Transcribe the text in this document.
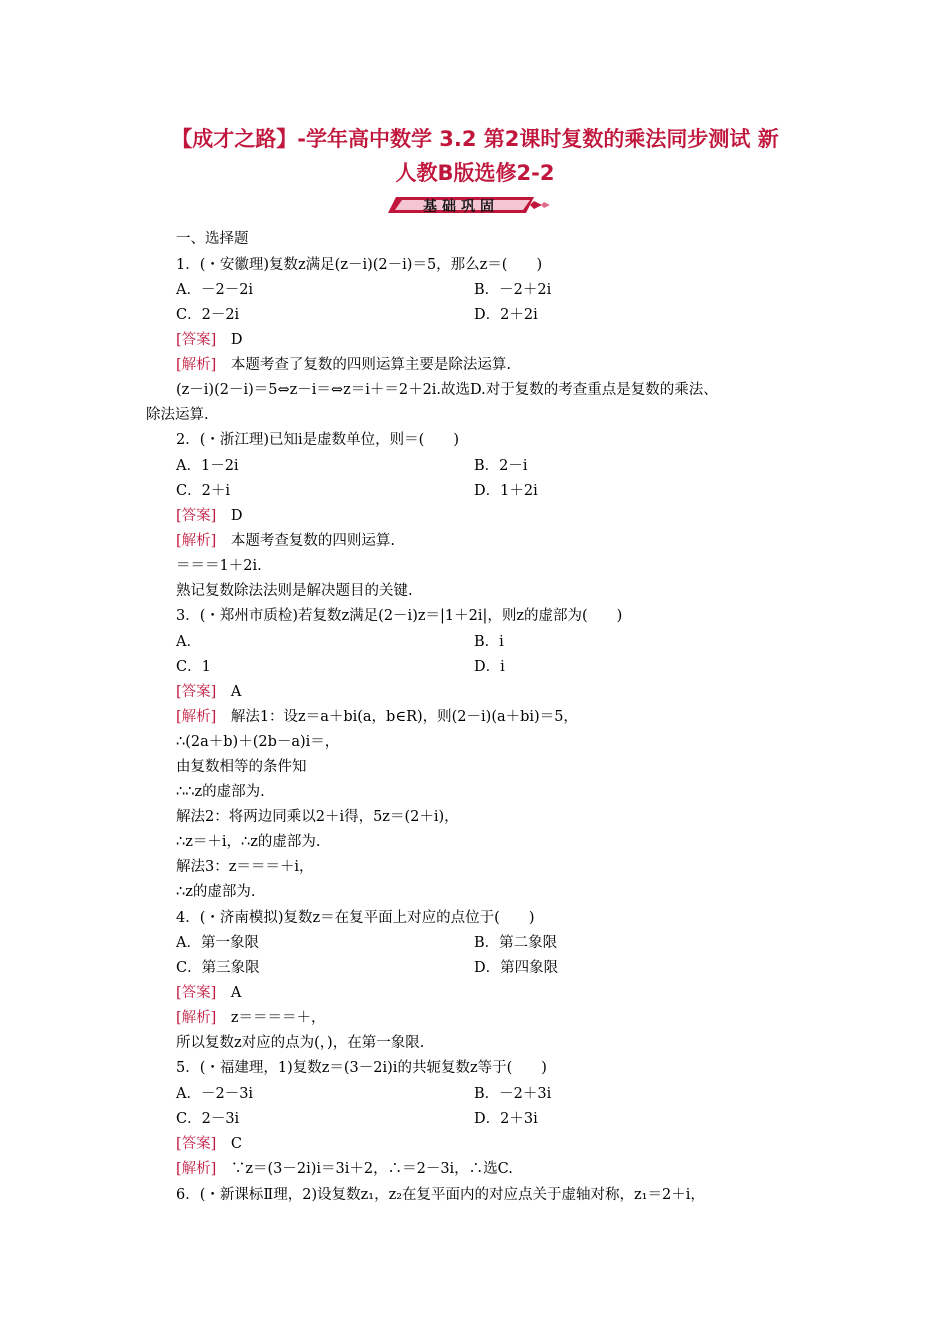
【成才之路】-学年高中数学 3.2 第2课时复数的乘法同步测试 新
人教B版选修2-2
基础巩固
一、选择题
1．(・安徽理)复数z满足(z－i)(2－i)＝5，那么z＝(　　)
A．－2－2i	B．－2＋2i
C．2－2i	D．2＋2i
[答案]　 D
[解析]　 本题考查了复数的四则运算主要是除法运算.
(z－i)(2－i)＝5⇔z－i＝⇔z＝i＋＝2＋2i.故选D.对于复数的考查重点是复数的乘法、
除法运算.
2．(・浙江理)已知i是虚数单位，则＝(　　)
A．1－2i	B．2－i
C．2＋i	D．1＋2i
[答案]　 D
[解析]　 本题考查复数的四则运算.
＝＝＝1＋2i.
熟记复数除法法则是解决题目的关键.
3．(・郑州市质检)若复数z满足(2－i)z＝|1＋2i|，则z的虚部为(　　)
A．	B．i
C．1	D．i
[答案]　 A
[解析]　 解法1：设z＝a＋bi(a，b∈R)，则(2－i)(a＋bi)＝5，
∴(2a＋b)＋(2b－a)i＝，
由复数相等的条件知
∴∴z的虚部为.
解法2：将两边同乘以2＋i得，5z＝(2＋i)，
∴z＝＋i，∴z的虚部为.
解法3：z＝＝＝＋i，
∴z的虚部为.
4．(・济南模拟)复数z＝在复平面上对应的点位于(　　)
A．第一象限	B．第二象限
C．第三象限	D．第四象限
[答案]　 A
[解析]　 z＝＝＝＝＋，
所以复数z对应的点为(，)，在第一象限.
5．(・福建理，1)复数z＝(3－2i)i的共轭复数z等于(　　)
A．－2－3i	B．－2＋3i
C．2－3i	D．2＋3i
[答案]　 C
[解析]　 ∵z＝(3－2i)i＝3i＋2，∴＝2－3i，∴选C.
6．(・新课标Ⅱ理，2)设复数z₁，z₂在复平面内的对应点关于虚轴对称，z₁＝2＋i，
